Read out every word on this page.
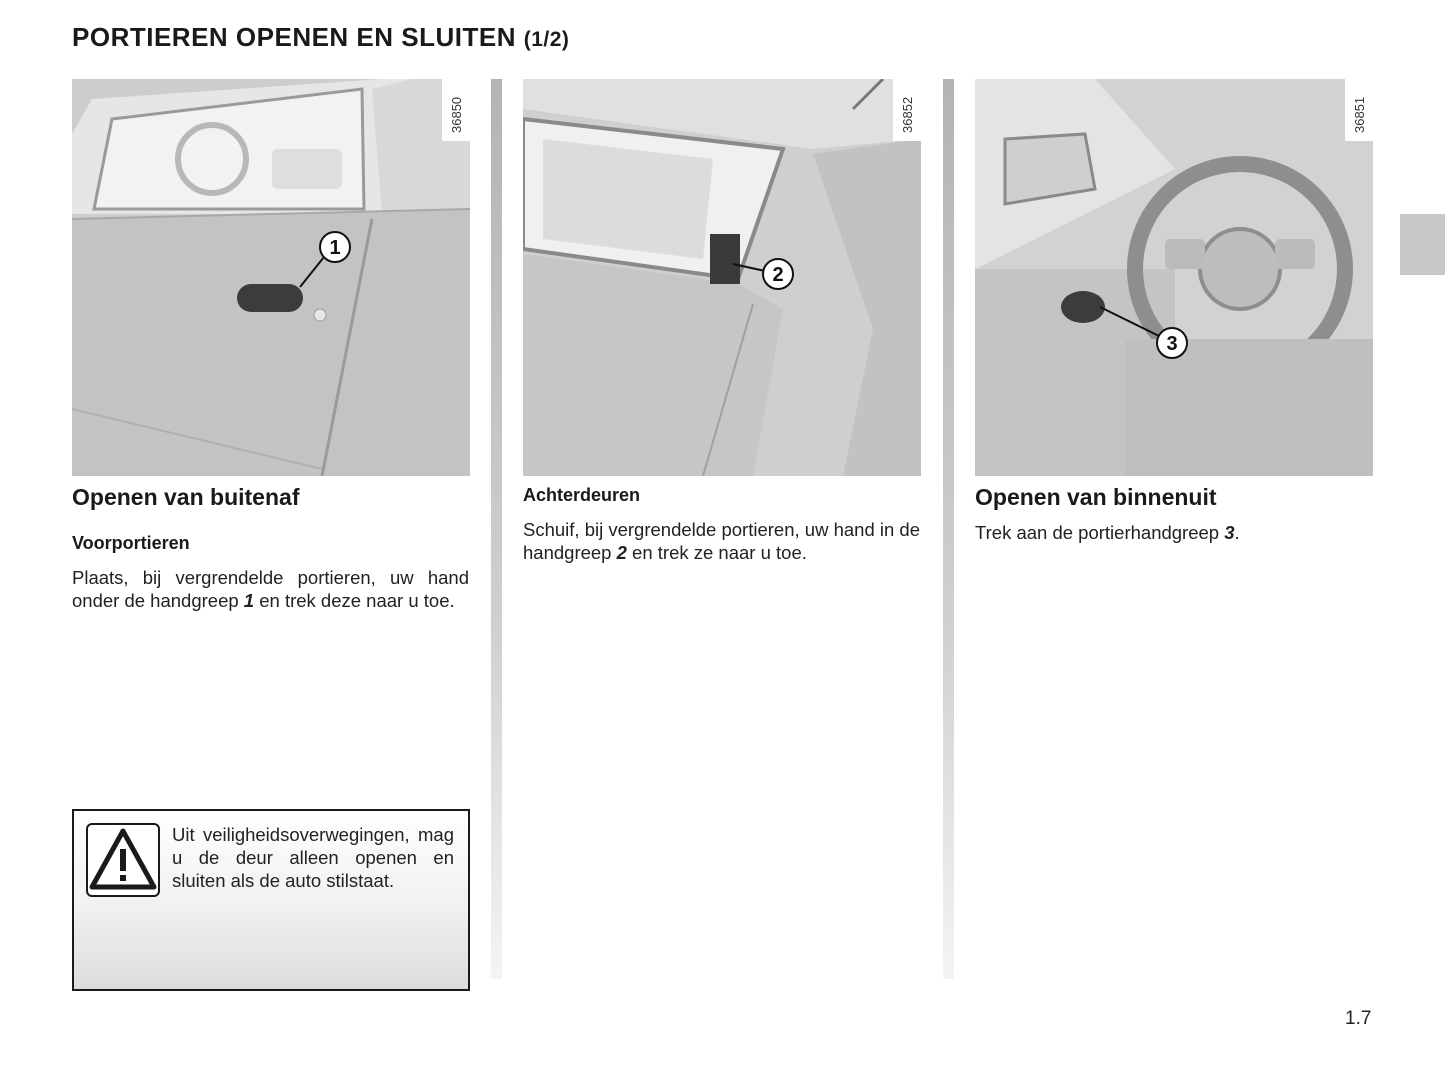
PORTIEREN OPENEN EN SLUITEN (1/2)
1
36850
2
36852
3
36851
Openen van buitenaf
Voorportieren

Plaats, bij vergrendelde portieren, uw hand onder de handgreep 1 en trek deze naar u toe.

Achterdeuren

Schuif, bij vergrendelde portieren, uw hand in de handgreep 2 en trek ze naar u toe.

Openen van binnenuit

Trek aan de portierhandgreep 3.

Uit veiligheidsoverwegingen, mag u de deur alleen openen en sluiten als de auto stilstaat.

1.7
